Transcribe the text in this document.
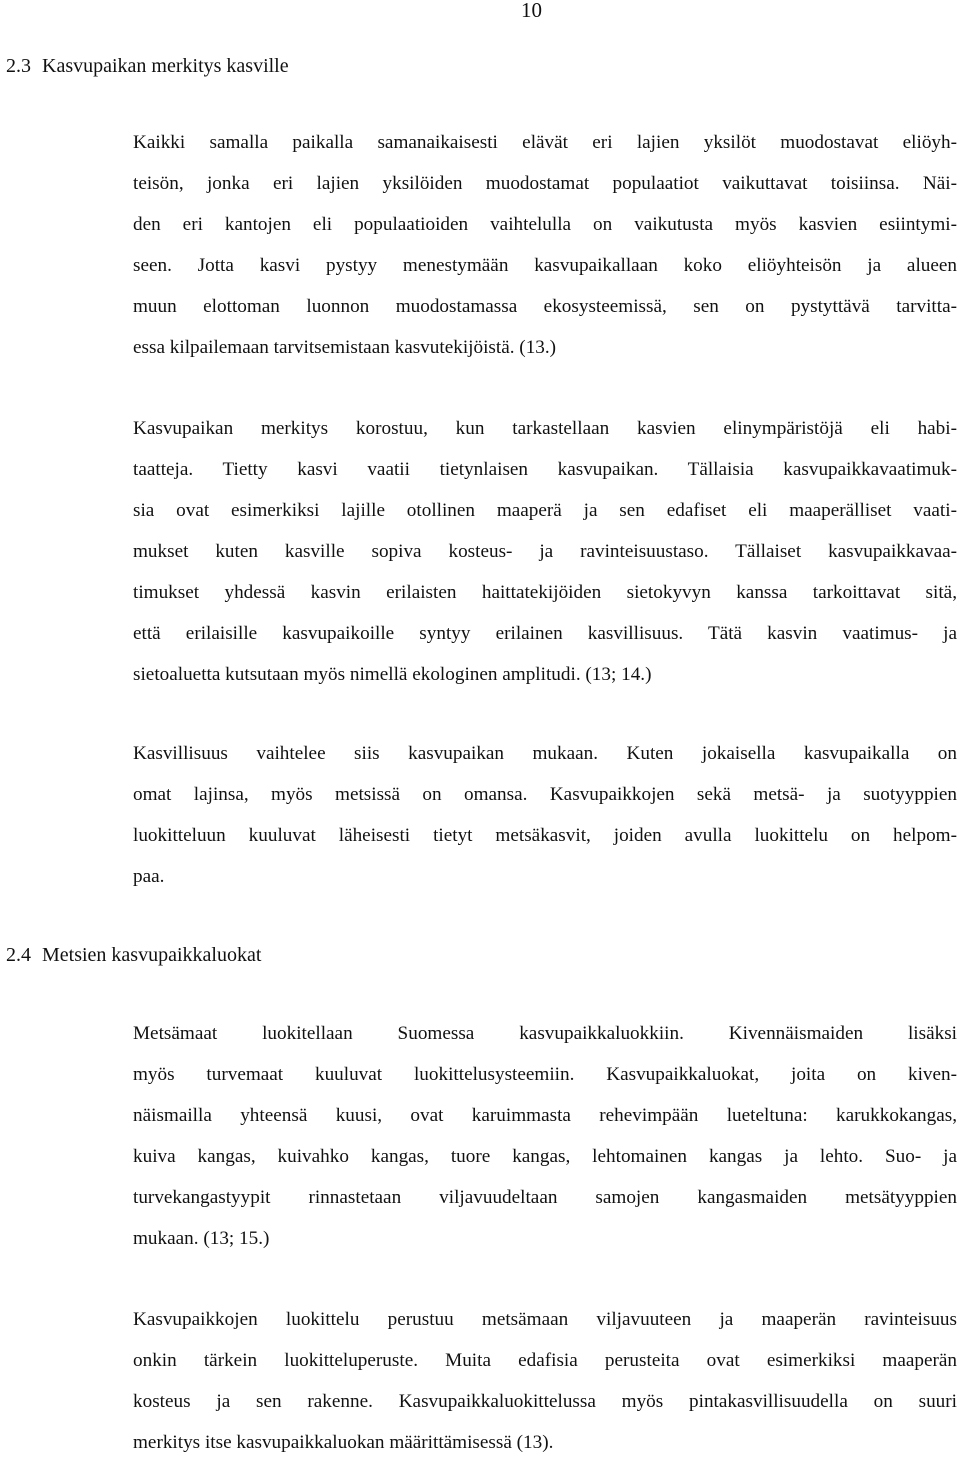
10
2.3 Kasvupaikan merkitys kasville
Kaikki samalla paikalla samanaikaisesti elävät eri lajien yksilöt muodostavat eliöyh-
teisön, jonka eri lajien yksilöiden muodostamat populaatiot vaikuttavat toisiinsa. Näi-
den eri kantojen eli populaatioiden vaihtelulla on vaikutusta myös kasvien esiintymi-
seen. Jotta kasvi pystyy menestymään kasvupaikallaan koko eliöyhteisön ja alueen
muun elottoman luonnon muodostamassa ekosysteemissä, sen on pystyttävä tarvitta-
essa kilpailemaan tarvitsemistaan kasvutekijöistä. (13.)
Kasvupaikan merkitys korostuu, kun tarkastellaan kasvien elinympäristöjä eli habi-
taatteja. Tietty kasvi vaatii tietynlaisen kasvupaikan. Tällaisia kasvupaikkavaatimuk-
sia ovat esimerkiksi lajille otollinen maaperä ja sen edafiset eli maaperälliset vaati-
mukset kuten kasville sopiva kosteus- ja ravinteisuustaso. Tällaiset kasvupaikkavaa-
timukset yhdessä kasvin erilaisten haittatekijöiden sietokyvyn kanssa tarkoittavat sitä,
että erilaisille kasvupaikoille syntyy erilainen kasvillisuus. Tätä kasvin vaatimus- ja
sietoaluetta kutsutaan myös nimellä ekologinen amplitudi. (13; 14.)
Kasvillisuus vaihtelee siis kasvupaikan mukaan. Kuten jokaisella kasvupaikalla on
omat lajinsa, myös metsissä on omansa. Kasvupaikkojen sekä metsä- ja suotyyppien
luokitteluun kuuluvat läheisesti tietyt metsäkasvit, joiden avulla luokittelu on helpom-
paa.
2.4 Metsien kasvupaikkaluokat
Metsämaat luokitellaan Suomessa kasvupaikkaluokkiin. Kivennäismaiden lisäksi
myös turvemaat kuuluvat luokittelusysteemiin. Kasvupaikkaluokat, joita on kiven-
näismailla yhteensä kuusi, ovat karuimmasta rehevimpään lueteltuna: karukkokangas,
kuiva kangas, kuivahko kangas, tuore kangas, lehtomainen kangas ja lehto. Suo- ja
turvekangastyypit rinnastetaan viljavuudeltaan samojen kangasmaiden metsätyyppien
mukaan. (13; 15.)
Kasvupaikkojen luokittelu perustuu metsämaan viljavuuteen ja maaperän ravinteisuus
onkin tärkein luokitteluperuste. Muita edafisia perusteita ovat esimerkiksi maaperän
kosteus ja sen rakenne. Kasvupaikkaluokittelussa myös pintakasvillisuudella on suuri
merkitys itse kasvupaikkaluokan määrittämisessä (13).
